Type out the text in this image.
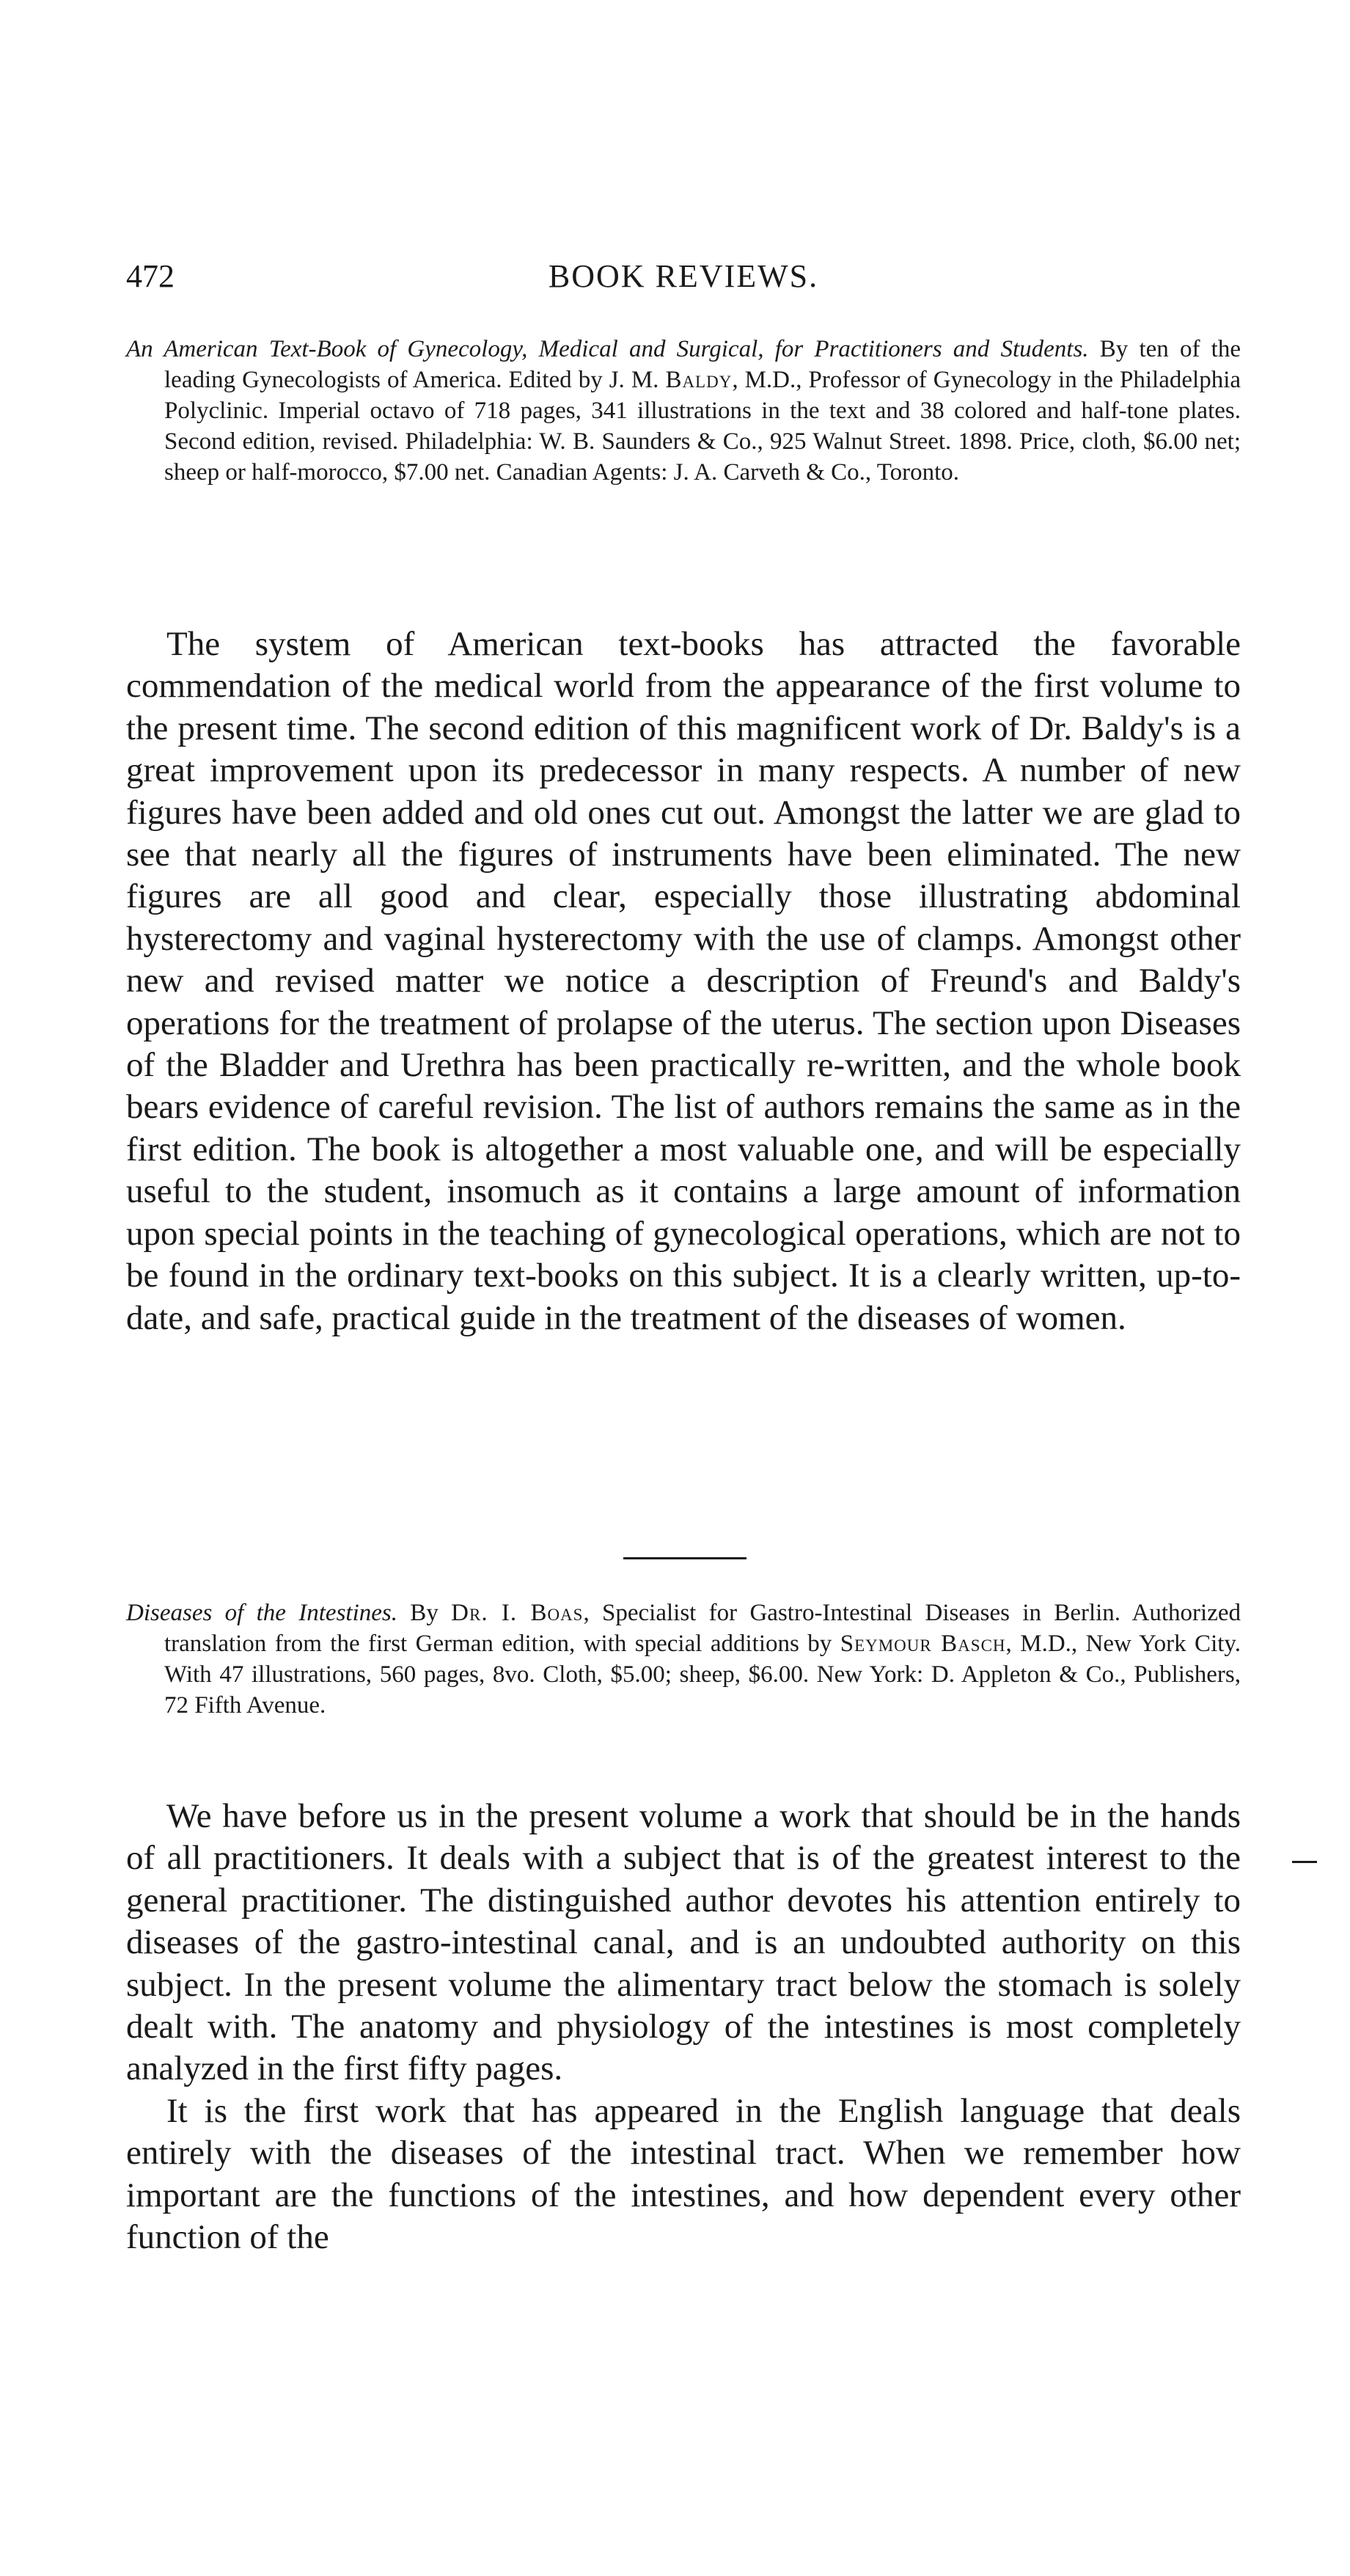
472	BOOK REVIEWS.
An American Text-Book of Gynecology, Medical and Surgical, for Practitioners and Students. By ten of the leading Gynecologists of America. Edited by J. M. Baldy, M.D., Professor of Gynecology in the Philadelphia Polyclinic. Imperial octavo of 718 pages, 341 illustrations in the text and 38 colored and half-tone plates. Second edition, revised. Philadelphia: W. B. Saunders & Co., 925 Walnut Street. 1898. Price, cloth, $6.00 net; sheep or half-morocco, $7.00 net. Canadian Agents: J. A. Carveth & Co., Toronto.

The system of American text-books has attracted the favorable commendation of the medical world from the appearance of the first volume to the present time. The second edition of this magnificent work of Dr. Baldy's is a great improvement upon its predecessor in many respects. A number of new figures have been added and old ones cut out. Amongst the latter we are glad to see that nearly all the figures of instruments have been eliminated. The new figures are all good and clear, especially those illustrating abdominal hysterectomy and vaginal hysterectomy with the use of clamps. Amongst other new and revised matter we notice a description of Freund's and Baldy's operations for the treatment of prolapse of the uterus. The section upon Diseases of the Bladder and Urethra has been practically re-written, and the whole book bears evidence of careful revision. The list of authors remains the same as in the first edition. The book is altogether a most valuable one, and will be especially useful to the student, insomuch as it contains a large amount of information upon special points in the teaching of gynecological operations, which are not to be found in the ordinary text-books on this subject. It is a clearly written, up-to-date, and safe, practical guide in the treatment of the diseases of women.

Diseases of the Intestines. By Dr. I. Boas, Specialist for Gastro-Intestinal Diseases in Berlin. Authorized translation from the first German edition, with special additions by Seymour Basch, M.D., New York City. With 47 illustrations, 560 pages, 8vo. Cloth, $5.00; sheep, $6.00. New York: D. Appleton & Co., Publishers, 72 Fifth Avenue.

We have before us in the present volume a work that should be in the hands of all practitioners. It deals with a subject that is of the greatest interest to the general practitioner. The distinguished author devotes his attention entirely to diseases of the gastro-intestinal canal, and is an undoubted authority on this subject. In the present volume the alimentary tract below the stomach is solely dealt with. The anatomy and physiology of the intestines is most completely analyzed in the first fifty pages.

It is the first work that has appeared in the English language that deals entirely with the diseases of the intestinal tract. When we remember how important are the functions of the intestines, and how dependent every other function of the
